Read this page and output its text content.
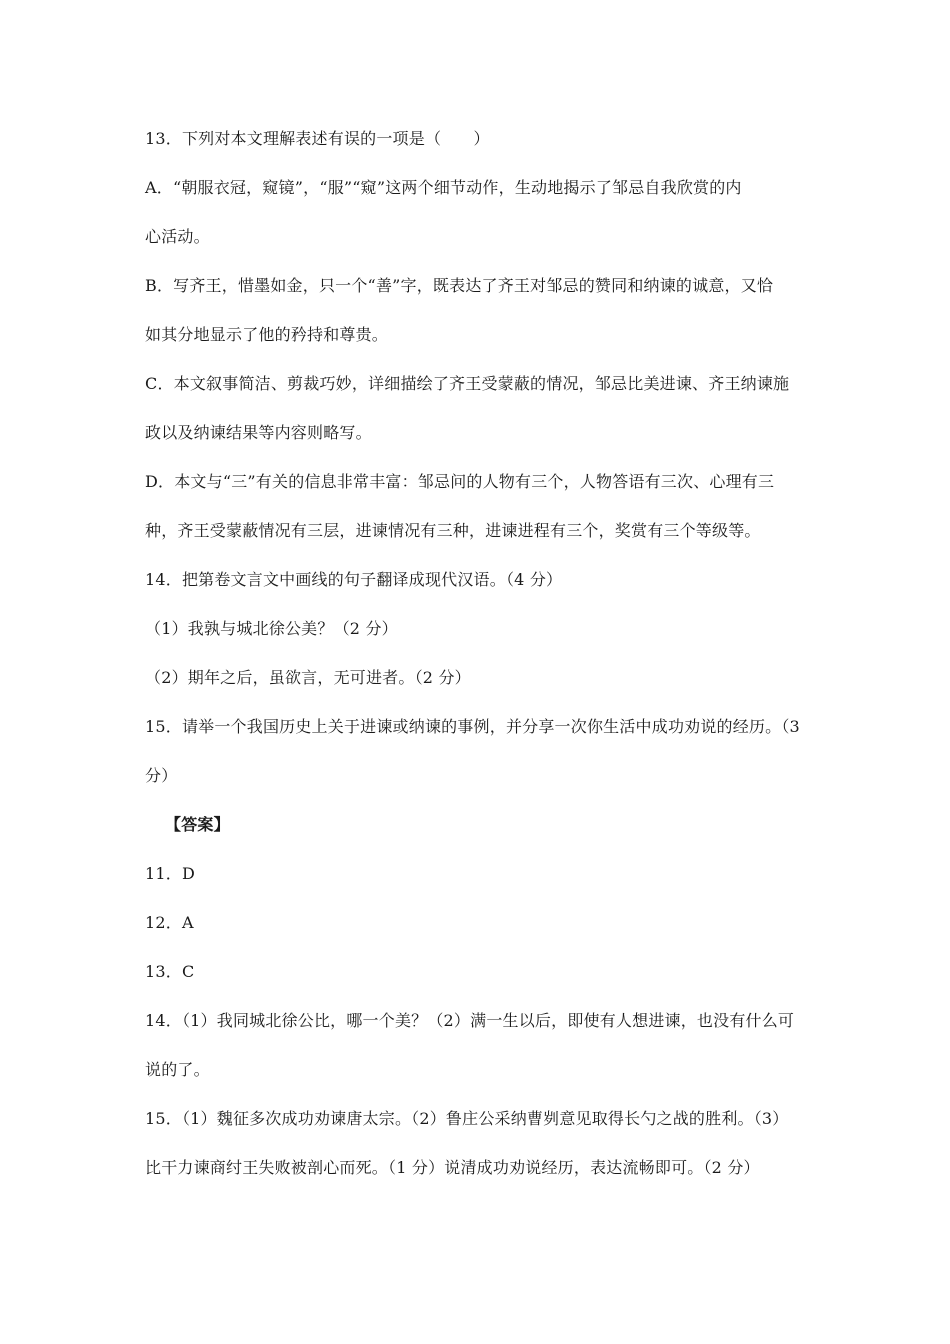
13．下列对本文理解表述有误的一项是（　　）
A．“朝服衣冠，窥镜”，“服”“窥”这两个细节动作，生动地揭示了邹忌自我欣赏的内
心活动。
B．写齐王，惜墨如金，只一个“善”字，既表达了齐王对邹忌的赞同和纳谏的诚意，又恰
如其分地显示了他的矜持和尊贵。
C．本文叙事简洁、剪裁巧妙，详细描绘了齐王受蒙蔽的情况，邹忌比美进谏、齐王纳谏施
政以及纳谏结果等内容则略写。
D．本文与“三”有关的信息非常丰富：邹忌问的人物有三个，人物答语有三次、心理有三
种，齐王受蒙蔽情况有三层，进谏情况有三种，进谏进程有三个，奖赏有三个等级等。
14．把第卷文言文中画线的句子翻译成现代汉语。（4 分）
（1）我孰与城北徐公美？（2 分）
（2）期年之后，虽欲言，无可进者。（2 分）
15．请举一个我国历史上关于进谏或纳谏的事例，并分享一次你生活中成功劝说的经历。（3
分）
【答案】
11．D
12．A
13．C
14．（1）我同城北徐公比，哪一个美？（2）满一生以后，即使有人想进谏，也没有什么可
说的了。
15．（1）魏征多次成功劝谏唐太宗。（2）鲁庄公采纳曹刿意见取得长勺之战的胜利。（3）
比干力谏商纣王失败被剖心而死。（1 分）说清成功劝说经历，表达流畅即可。（2 分）
